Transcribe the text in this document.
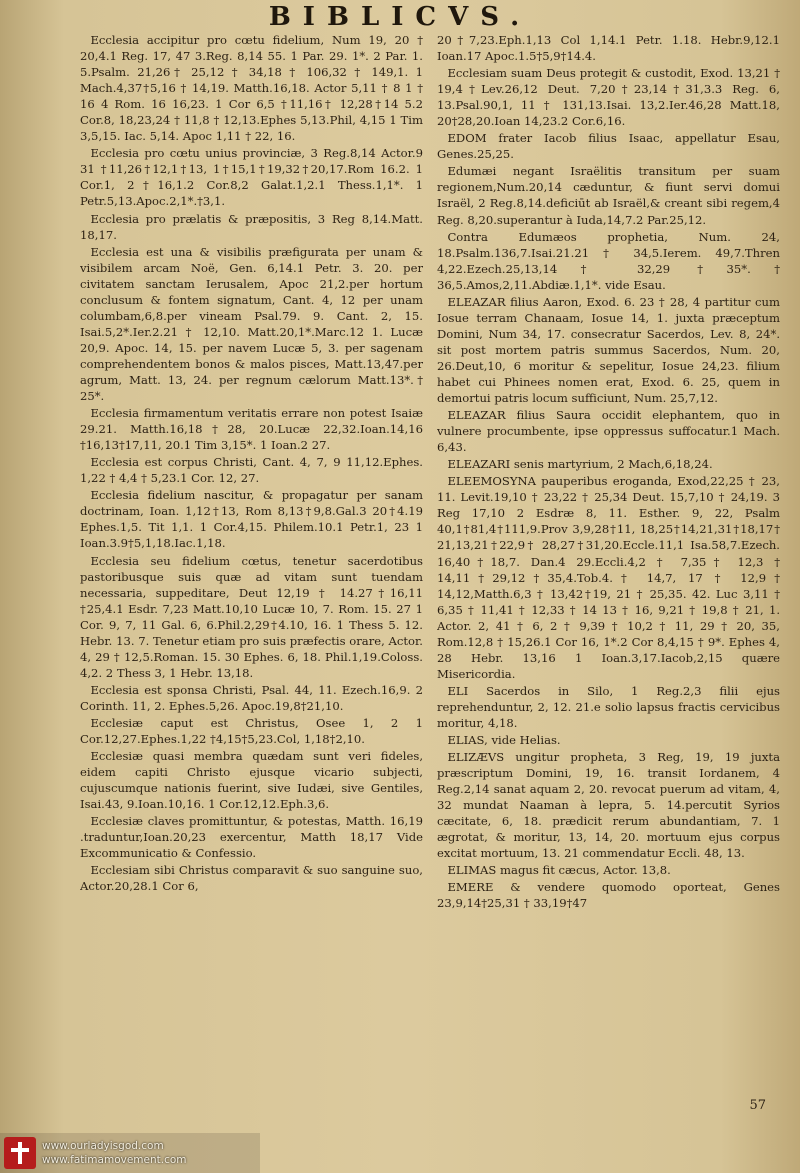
BIBLICVS.

Ecclesia accipitur pro cœtu fidelium, Num 19, 20 † 20,4.1 Reg. 17, 47 3.Reg. 8,14 55. 1 Par. 29. 1*. 2 Par. 1. 5.Psalm. 21,26† 25,12 † 34,18 † 106,32 † 149,1. 1 Mach.4,37†5,16 † 14,19. Matth.16,18. Actor 5,11 † 8 1 † 16 4 Rom. 16 16,23. 1 Cor 6,5 †11,16† 12,28†14 5.2 Cor.8, 18,23,24 † 11,8 † 12,13.Ephes 5,13.Phil, 4,15 1 Tim 3,5,15. Iac. 5,14. Apoc 1,11 † 22, 16.

Ecclesia pro cœtu unius provinciæ, 3 Reg.8,14 Actor.9 31 †11,26†12,1†13, 1†15,1†19,32†20,17.Rom 16.2. 1 Cor.1, 2†16,1.2 Cor.8,2 Galat.1,2.1 Thess.1,1*. 1 Petr.5,13.Apoc.2,1*.†3,1.

Ecclesia pro prælatis & præpositis, 3 Reg 8,14.Matt. 18,17.

Ecclesia est una & visibilis præfigurata per unam & visibilem arcam Noë, Gen. 6,14.1 Petr. 3. 20. per civitatem sanctam Ierusalem, Apoc 21,2.per hortum conclusum & fontem signatum, Cant. 4, 12 per unam columbam,6,8.per vineam Psal.79. 9. Cant. 2, 15. Isai.5,2*.Ier.2.21 † 12,10. Matt.20,1*.Marc.12 1. Lucæ 20,9. Apoc. 14, 15. per navem Lucæ 5, 3. per sagenam comprehendentem bonos & malos pisces, Matt.13,47.per agrum, Matt. 13, 24. per regnum cælorum Matt.13*.† 25*.

Ecclesia firmamentum veritatis errare non potest Isaiæ 29.21. Matth.16,18†28, 20.Lucæ 22,32.Ioan.14,16 †16,13†17,11, 20.1 Tim 3,15*. 1 Ioan.2 27.

Ecclesia est corpus Christi, Cant. 4, 7, 9 11,12.Ephes. 1,22 † 4,4 † 5,23.1 Cor. 12, 27.

Ecclesia fidelium nascitur, & propagatur per sanam doctrinam, Ioan. 1,12†13, Rom 8,13†9,8.Gal.3 20†4.19 Ephes.1,5. Tit 1,1. 1 Cor.4,15. Philem.10.1 Petr.1, 23 1 Ioan.3.9†5,1,18.Iac.1,18.

Ecclesia seu fidelium cœtus, tenetur sacerdotibus pastoribusque suis quæ ad vitam sunt tuendam necessaria, suppeditare, Deut 12,19 † 14.27†16,11 †25,4.1 Esdr. 7,23 Matt.10,10 Lucæ 10, 7. Rom. 15. 27 1 Cor. 9, 7, 11 Gal. 6, 6.Phil.2,29†4.10, 16. 1 Thess 5. 12. Hebr. 13. 7. Tenetur etiam pro suis præfectis orare, Actor. 4, 29 † 12,5.Roman. 15. 30 Ephes. 6, 18. Phil.1,19.Coloss. 4,2. 2 Thess 3, 1 Hebr. 13,18.

Ecclesia est sponsa Christi, Psal. 44, 11. Ezech.16,9. 2 Corinth. 11, 2. Ephes.5,26. Apoc.19,8†21,10.

Ecclesiæ caput est Christus, Osee 1, 2 1 Cor.12,27.Ephes.1,22 †4,15†5,23.Col, 1,18†2,10.

Ecclesiæ quasi membra quædam sunt veri fideles, eidem capiti Christo ejusque vicario subjecti, cujuscumque nationis fuerint, sive Iudæi, sive Gentiles, Isai.43, 9.Ioan.10,16. 1 Cor.12,12.Eph.3,6.

Ecclesiæ claves promittuntur, & potestas, Matth. 16,19 .traduntur,Ioan.20,23 exercentur, Matth 18,17 Vide Excommunicatio & Confessio.

Ecclesiam sibi Christus comparavit & suo sanguine suo, Actor.20,28.1 Cor 6,

20†7,23.Eph.1,13 Col 1,14.1 Petr. 1.18. Hebr.9,12.1 Ioan.17 Apoc.1.5†5,9†14.4.

Ecclesiam suam Deus protegit & custodit, Exod. 13,21 † 19,4†Lev.26,12 Deut. 7,20†23,14†31,3.3 Reg. 6, 13.Psal.90,1, 11 † 131,13.Isai. 13,2.Ier.46,28 Matt.18, 20†28,20.Ioan 14,23.2 Cor.6,16.

EDOM frater Iacob filius Isaac, appellatur Esau, Genes.25,25.

Edumæi negant Israëlitis transitum per suam regionem,Num.20,14 cæduntur, & fiunt servi domui Israël, 2 Reg.8,14.deficiūt ab Israël,& creant sibi regem,4 Reg. 8,20.superantur à Iuda,14,7.2 Par.25,12.

Contra Edumæos prophetia, Num. 24, 18.Psalm.136,7.Isai.21.21 † 34,5.Ierem. 49,7.Thren 4,22.Ezech.25,13,14† 32,29 †35*.† 36,5.Amos,2,11.Abdiæ.1,1*. vide Esau.

ELEAZAR filius Aaron, Exod. 6. 23 † 28, 4 partitur cum Iosue terram Chanaam, Iosue 14, 1. juxta præceptum Domini, Num 34, 17. consecratur Sacerdos, Lev. 8, 24*. sit post mortem patris summus Sacerdos, Num. 20, 26.Deut,10, 6 moritur & sepelitur, Iosue 24,23. filium habet cui Phinees nomen erat, Exod. 6. 25, quem in demortui patris locum sufficiunt, Num. 25,7,12.

ELEAZAR filius Saura occidit elephantem, quo in vulnere procumbente, ipse oppressus suffocatur.1 Mach. 6,43.

ELEAZARI senis martyrium, 2 Mach,6,18,24.

ELEEMOSYNA pauperibus eroganda, Exod,22,25 † 23, 11. Levit.19,10 † 23,22 † 25,34 Deut. 15,7,10 † 24,19. 3 Reg 17,10 2 Esdræ 8, 11. Esther. 9, 22, Psalm 40,1†81,4†111,9.Prov 3,9,28†11, 18,25†14,21,31†18,17† 21,13,21†22,9† 28,27†31,20.Eccle.11,1 Isa.58,7.Ezech. 16,40†18,7. Dan.4 29.Eccli.4,2 † 7,35† 12,3 † 14,11†29,12†35,4.Tob.4.† 14,7, 17 † 12,9† 14,12,Matth.6,3 † 13,42†19, 21 † 25,35. 42. Luc 3,11 † 6,35 † 11,41 † 12,33 † 14 13 † 16, 9,21 † 19,8 † 21, 1. Actor. 2, 41 † 6, 2 † 9,39 † 10,2 † 11, 29 † 20, 35, Rom.12,8 † 15,26.1 Cor 16, 1*.2 Cor 8,4,15 † 9*. Ephes 4, 28 Hebr. 13,16 1 Ioan.3,17.Iacob,2,15 quære Misericordia.

ELI Sacerdos in Silo, 1 Reg.2,3 filii ejus reprehenduntur, 2, 12. 21.e solio lapsus fractis cervicibus moritur, 4,18.

ELIAS, vide Helias.

ELIZÆVS ungitur propheta, 3 Reg, 19, 19 juxta præscriptum Domini, 19, 16. transit Iordanem, 4 Reg.2,14 sanat aquam 2, 20. revocat puerum ad vitam, 4, 32 mundat Naaman à lepra, 5. 14.percutit Syrios cæcitate, 6, 18. prædicit rerum abundantiam, 7. 1 ægrotat, & moritur, 13, 14, 20. mortuum ejus corpus excitat mortuum, 13. 21 commendatur Eccli. 48, 13.

ELIMAS magus fit cæcus, Actor. 13,8.

EMERE & vendere quomodo oporteat, Genes 23,9,14†25,31 † 33,19†47

57
www.ourladyisgod.com
www.fatimamovement.com
